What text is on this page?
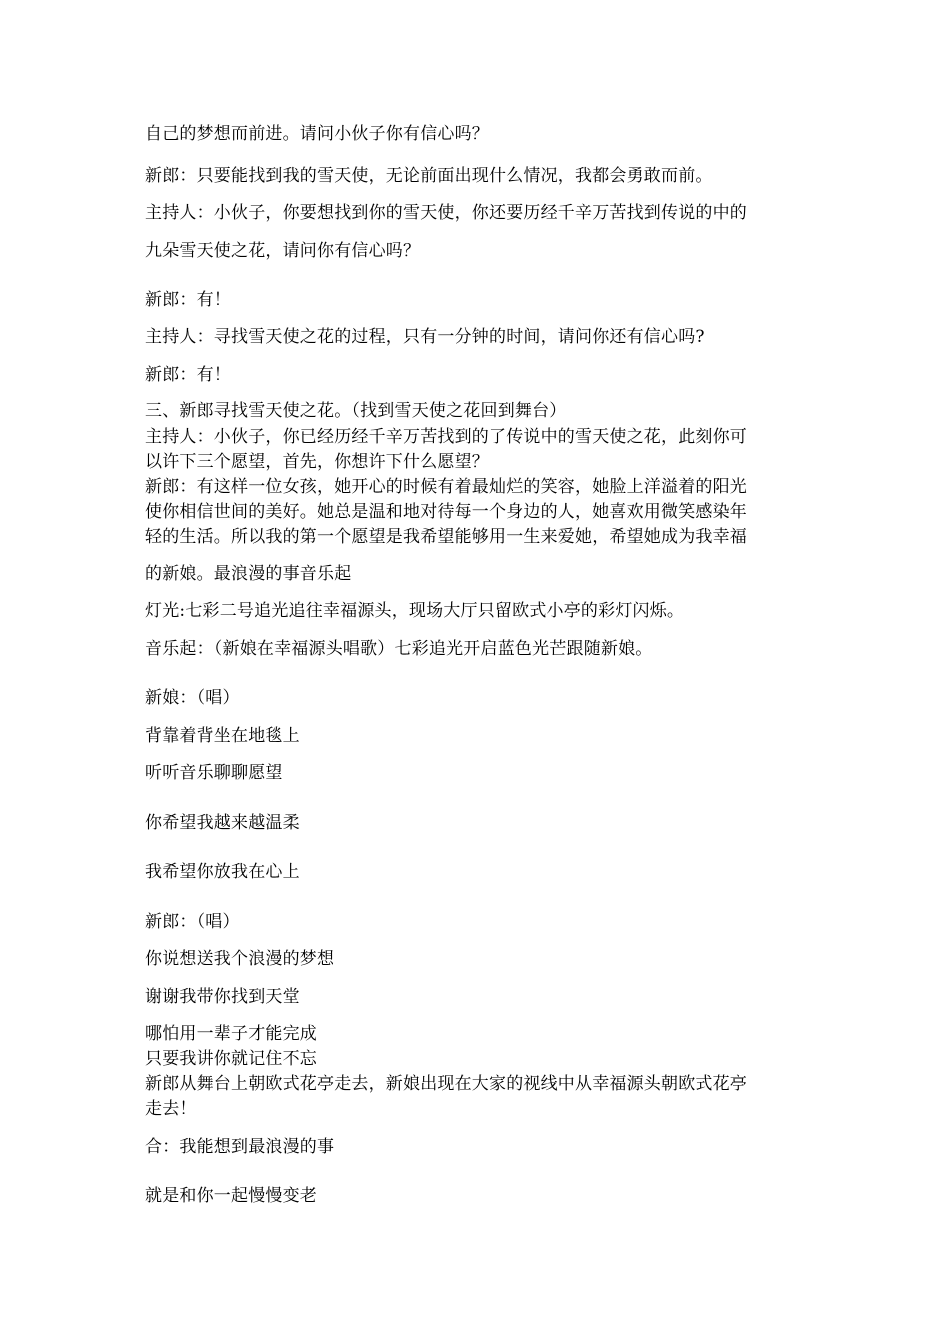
自己的梦想而前进。请问小伙子你有信心吗？
新郎：只要能找到我的雪天使，无论前面出现什么情况，我都会勇敢而前。
主持人：小伙子，你要想找到你的雪天使，你还要历经千辛万苦找到传说的中的
九朵雪天使之花，请问你有信心吗？
新郎：有！
主持人：寻找雪天使之花的过程，只有一分钟的时间，请问你还有信心吗?
新郎：有！
三、新郎寻找雪天使之花。（找到雪天使之花回到舞台）
主持人：小伙子，你已经历经千辛万苦找到的了传说中的雪天使之花，此刻你可
以许下三个愿望，首先，你想许下什么愿望？
新郎：有这样一位女孩，她开心的时候有着最灿烂的笑容，她脸上洋溢着的阳光
使你相信世间的美好。她总是温和地对待每一个身边的人，她喜欢用微笑感染年
轻的生活。所以我的第一个愿望是我希望能够用一生来爱她，希望她成为我幸福
的新娘。最浪漫的事音乐起
灯光:七彩二号追光追往幸福源头，现场大厅只留欧式小亭的彩灯闪烁。
音乐起：（新娘在幸福源头唱歌）七彩追光开启蓝色光芒跟随新娘。
新娘：（唱）
背靠着背坐在地毯上
听听音乐聊聊愿望
你希望我越来越温柔
我希望你放我在心上
新郎：（唱）
你说想送我个浪漫的梦想
谢谢我带你找到天堂
哪怕用一辈子才能完成
只要我讲你就记住不忘
新郎从舞台上朝欧式花亭走去，新娘出现在大家的视线中从幸福源头朝欧式花亭
走去！
合：我能想到最浪漫的事
就是和你一起慢慢变老
